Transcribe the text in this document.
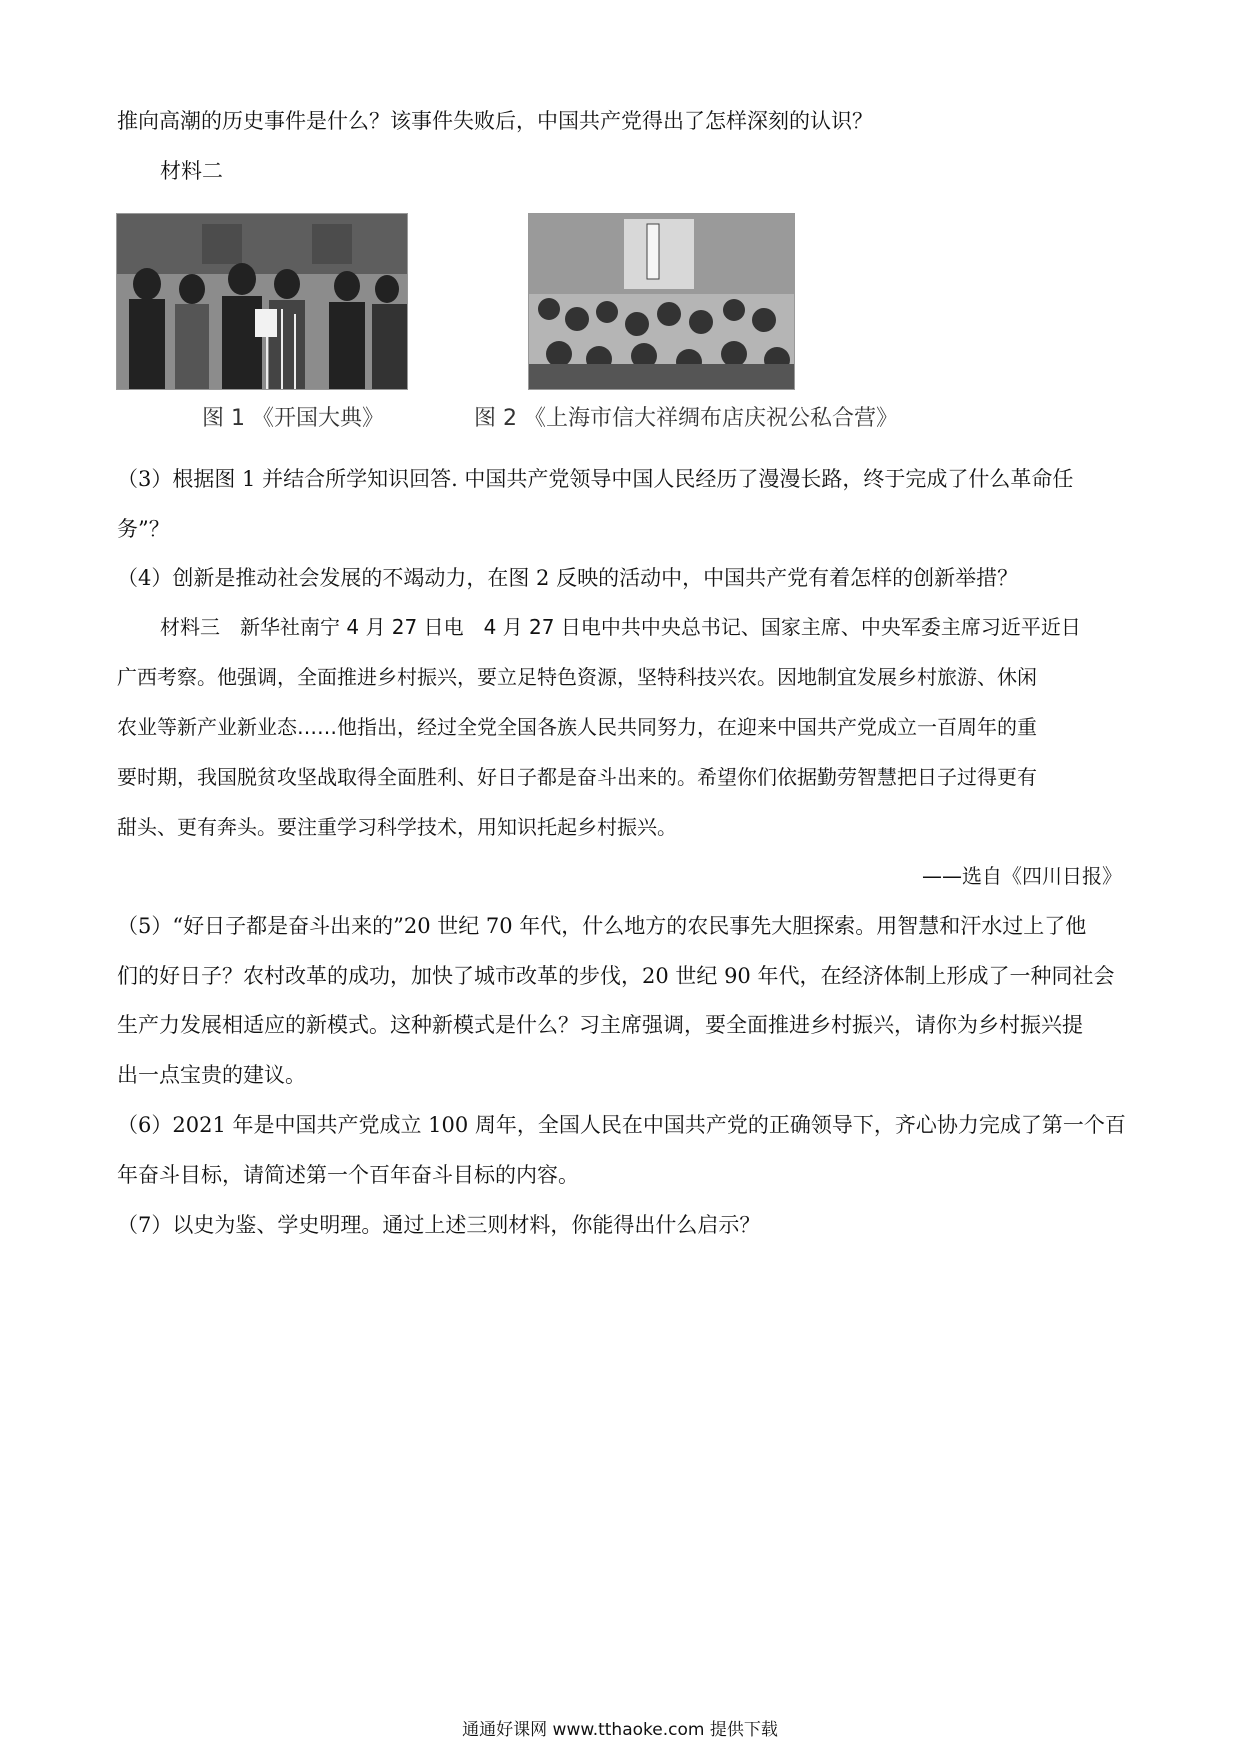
推向高潮的历史事件是什么？该事件失败后，中国共产党得出了怎样深刻的认识？
材料二
图 1 《开国大典》	图 2 《上海市信大祥绸布店庆祝公私合营》
（3）根据图 1 并结合所学知识回答. 中国共产党领导中国人民经历了漫漫长路，终于完成了什么革命任
务”？
（4）创新是推动社会发展的不竭动力，在图 2 反映的活动中，中国共产党有着怎样的创新举措？
材料三　新华社南宁 4 月 27 日电　4 月 27 日电中共中央总书记、国家主席、中央军委主席习近平近日
广西考察。他强调，全面推进乡村振兴，要立足特色资源，坚特科技兴农。因地制宜发展乡村旅游、休闲
农业等新产业新业态……他指出，经过全党全国各族人民共同努力，在迎来中国共产党成立一百周年的重
要时期，我国脱贫攻坚战取得全面胜利、好日子都是奋斗出来的。希望你们依据勤劳智慧把日子过得更有
甜头、更有奔头。要注重学习科学技术，用知识托起乡村振兴。
——选自《四川日报》
（5）“好日子都是奋斗出来的”20 世纪 70 年代，什么地方的农民事先大胆探索。用智慧和汗水过上了他
们的好日子？农村改革的成功，加快了城市改革的步伐，20 世纪 90 年代，在经济体制上形成了一种同社会
生产力发展相适应的新模式。这种新模式是什么？习主席强调，要全面推进乡村振兴，请你为乡村振兴提
出一点宝贵的建议。
（6）2021 年是中国共产党成立 100 周年，全国人民在中国共产党的正确领导下，齐心协力完成了第一个百
年奋斗目标，请简述第一个百年奋斗目标的内容。
（7）以史为鉴、学史明理。通过上述三则材料，你能得出什么启示？
通通好课网 www.tthaoke.com 提供下载
